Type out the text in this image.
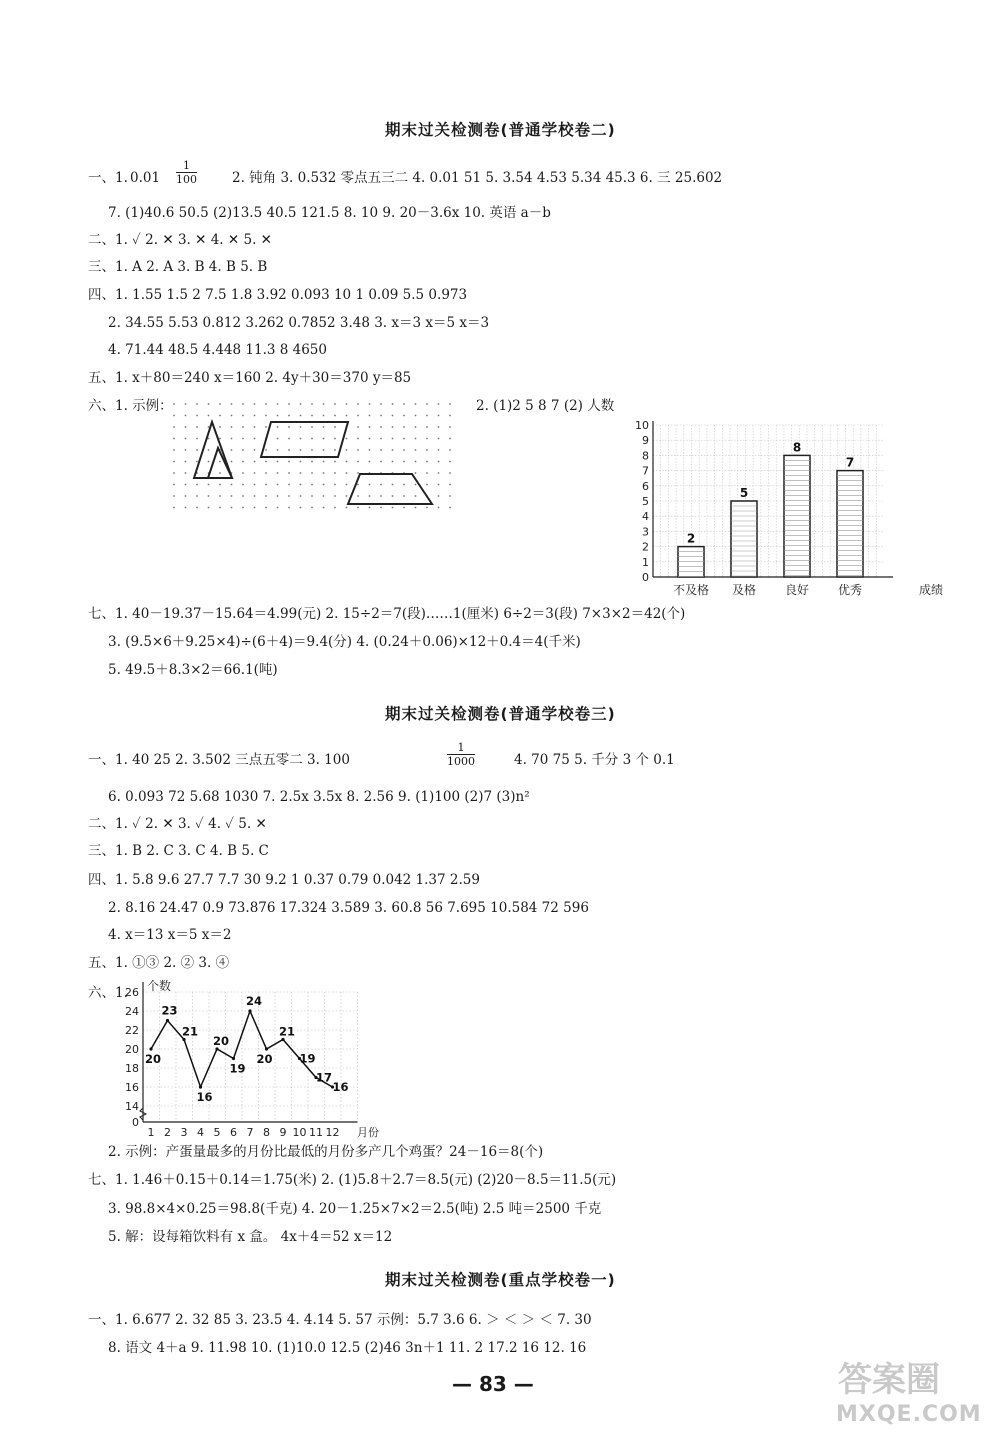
期末过关检测卷(普通学校卷二)
一、1. $0.01 \frac{1}{100}$	2. 钝角 3. 0.532 零点五三二 4. 0.01 51 5. 3.54 4.53 5.34 45.3 6. 三 25.602
7. (1)40.6 50.5 (2)13.5 40.5 121.5 8. 10 9. 20－3.6x 10. 英语 a－b
二、1. ✓ 2. ✕ 3. ✕ 4. ✕ 5. ✕
三、1. A 2. A 3. B 4. B 5. B
四、1. 1.55 1.5 2 7.5 1.8 3.92 0.093 10 1 0.09 5.5 0.973
2. 34.55 5.53 0.812 3.262 0.7852 3.48 3. x＝3 x＝5 x＝3
4. 71.44 48.5 4.448 11.3 8 4650
五、1. x＋80＝240 x＝160 2. 4y＋30＝370 y＝85
六、1. 示例：	2. (1)2 5 8 7 (2) 人数
0
1
2
3
4
5
6
7
8
9
10
2
不及格
5
及格
8
良好
7
优秀	成绩
七、1. 40－19.37－15.64＝4.99(元) 2. 15÷2＝7(段)……1(厘米) 6÷2＝3(段) 7×3×2＝42(个)
3. (9.5×6＋9.25×4)÷(6＋4)＝9.4(分) 4. (0.24＋0.06)×12＋0.4＝4(千米)
5. 49.5＋8.3×2＝66.1(吨)
期末过关检测卷(普通学校卷三)
一、1. 40 25 2. 3.502 三点五零二 3. 100	$\frac{1}{1000}$	4. 70 75 5. 千分 3 个 0.1
6. 0.093 72 5.68 1030 7. 2.5x 3.5x 8. 2.56 9. (1)100 (2)7 (3)n²
二、1. ✓ 2. ✕ 3. ✓ 4. ✓ 5. ✕
三、1. B 2. C 3. C 4. B 5. C
四、1. 5.8 9.6 27.7 7.7 30 9.2 1 0.37 0.79 0.042 1.37 2.59
2. 8.16 24.47 0.9 73.876 17.324 3.589 3. 60.8 56 7.695 10.584 72 596
4. x＝13 x＝5 x＝2
五、1. ①③ 2. ② 3. ④
六、1. 个数
0
14
16
18
20
22
24
26
1 2 3 4 5 6 7 8 9 10 11 12 月份
20
23
21
16
20
19
24
20
21
19
17
16
2. 示例：产蛋量最多的月份比最低的月份多产几个鸡蛋？24－16＝8(个)
七、1. 1.46＋0.15＋0.14＝1.75(米) 2. (1)5.8＋2.7＝8.5(元) (2)20－8.5＝11.5(元)
3. 98.8×4×0.25＝98.8(千克) 4. 20－1.25×7×2＝2.5(吨) 2.5 吨＝2500 千克
5. 解：设每箱饮料有 x 盒。 4x＋4＝52 x＝12
期末过关检测卷(重点学校卷一)
一、1. 6.677 2. 32 85 3. 23.5 4. 4.14 5. 57 示例：5.7 3.6 6. ＞ ＜ ＞ ＜ 7. 30
8. 语文 4＋a 9. 11.98 10. (1)10.0 12.5 (2)46 3n＋1 11. 2 17.2 16 12. 16
— 83 —	答案圈
MXQE.COM
